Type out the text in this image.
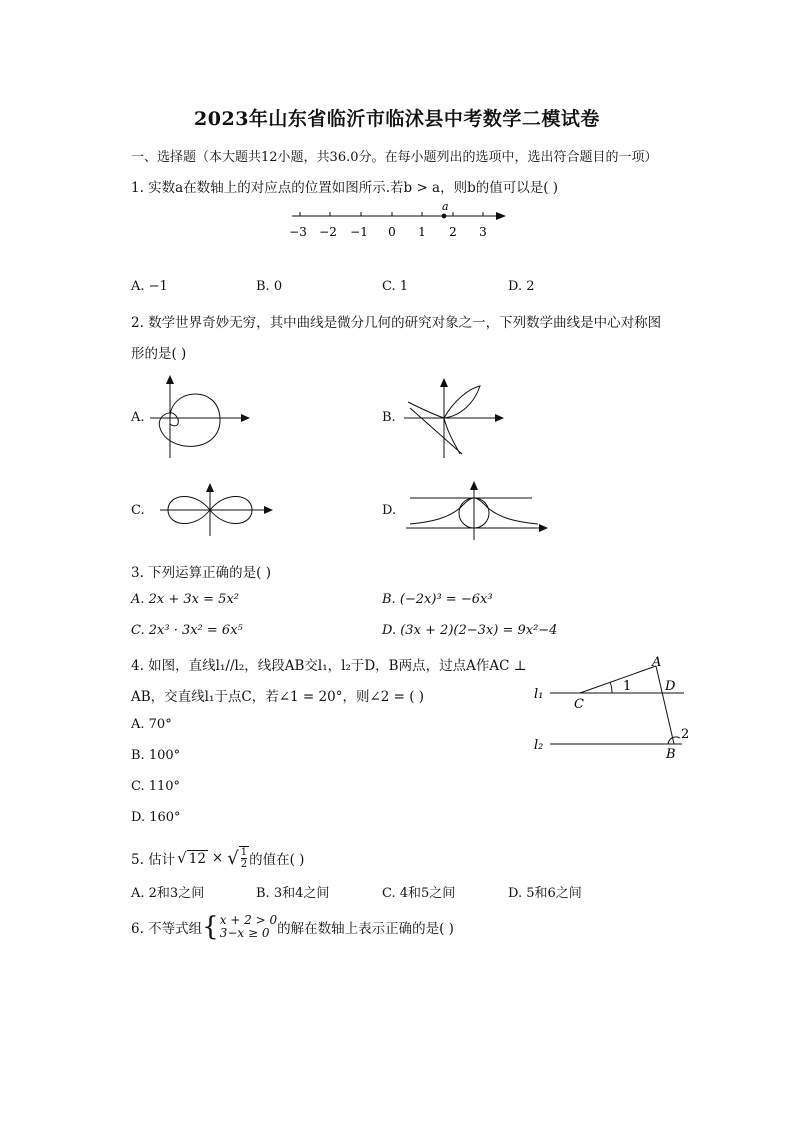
2023年山东省临沂市临沭县中考数学二模试卷
一、选择题（本大题共12小题，共36.0分。在每小题列出的选项中，选出符合题目的一项）
1. 实数a在数轴上的对应点的位置如图所示.若b > a，则b的值可以是( )
a
−3 −2 −1 0 1 2 3
A. −1	B. 0	C. 1	D. 2
2. 数学世界奇妙无穷，其中曲线是微分几何的研究对象之一，下列数学曲线是中心对称图
形的是( )
A.	B.
C.	D.
3. 下列运算正确的是( )
A. 2x + 3x = 5x²	B. (−2x)³ = −6x³
C. 2x³ · 3x² = 6x⁵	D. (3x + 2)(2−3x) = 9x²−4
4. 如图，直线l₁//l₂，线段AB交l₁，l₂于D，B两点，过点A作AC ⊥
AB，交直线l₁于点C，若∠1 = 20°，则∠2 = ( )
A. 70°
B. 100°
C. 110°
D. 160°
A
D
C
B
l₁
l₂
1
2
5. 估计 √ 12 × √ $\frac{1}{2}$ 的值在( )
A. 2和3之间	B. 3和4之间	C. 4和5之间	D. 5和6之间
6. 不等式组 { x + 2 > 0
3−x ≥ 0 的解在数轴上表示正确的是( )
